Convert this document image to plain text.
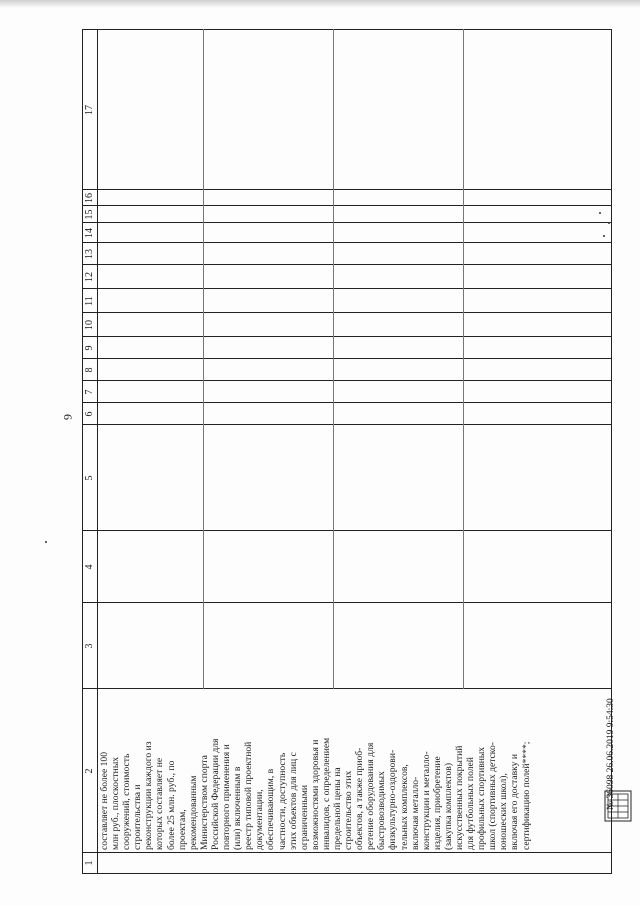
6
1
2
3
4
5
6
7
8
9
10
11
12
13
14
15
16
17
составляет не более 100 млн руб., плоскостных сооружений, стоимость строительства и реконструкции каждого из которых составляет не более 25 млн. руб., по проектам, рекомендованным Министерством спорта Российской Федерации для повторного применения и (или) включенным в реестр типовой проектной документации, обеспечивающим, в частности, доступность этих объектов для лиц с ограниченными возможностями здоровья и инвалидов, с определением предельной цены на строительство этих объектов, а также приоб- ретение оборудования для быстровозводимых физкультурно-оздорови- тельных комплексов, включая металло- конструкции и металло- изделия, приобретение (закупка комплектов) искусственных покрытий для футбольных полей профильных спортивных школ (спортивных детско- юношеских школ), включая его доставку и сертификацию полей****;	№ 36098 26.06.2019 9:54:30
